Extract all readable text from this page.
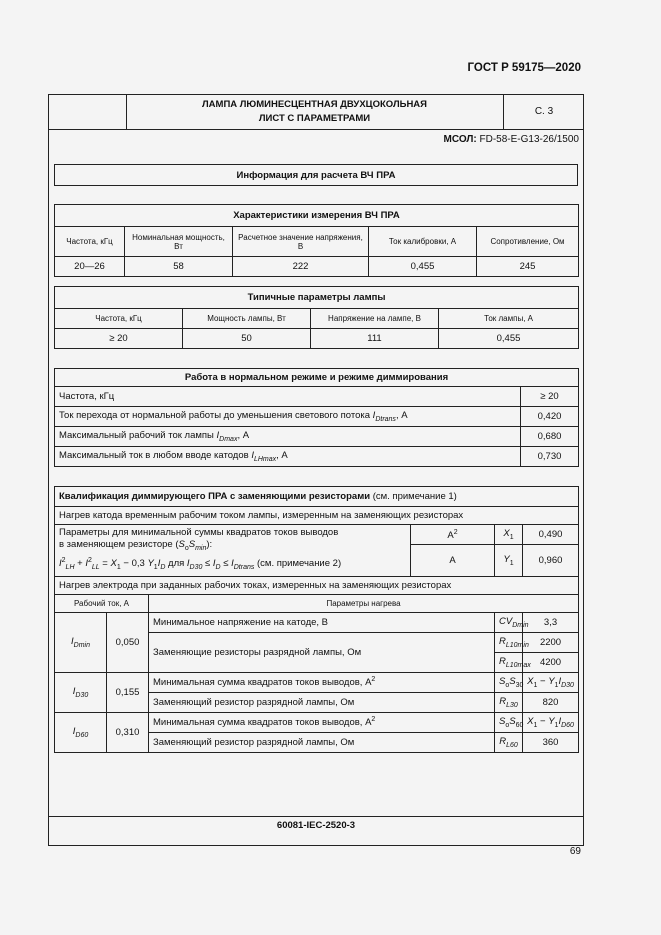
ГОСТ Р 59175—2020
ЛАМПА ЛЮМИНЕСЦЕНТНАЯ ДВУХЦОКОЛЬНАЯ
ЛИСТ С ПАРАМЕТРАМИ
С. 3
МСОЛ: FD-58-E-G13-26/1500
Информация для расчета ВЧ ПРА
Характеристики измерения ВЧ ПРА				
Частота, кГц	Номинальная мощность, Вт	Расчетное значение напряжения, В	Ток калибровки, А	Сопротивление, Ом
20—26	58	222	0,455	245
Типичные параметры лампы			
Частота, кГц	Мощность лампы, Вт	Напряжение на лампе, В	Ток лампы, А
≥ 20	50	111	0,455
Работа в нормальном режиме и режиме диммирования	
Частота, кГц	≥ 20
Ток перехода от нормальной работы до уменьшения светового потока $I_{Dtrans}$, А	0,420
Максимальный рабочий ток лампы $I_{Dmax}$, А	0,680
Максимальный ток в любом вводе катодов $I_{LHmax}$, А	0,730
Квалификация диммирующего ПРА с заменяющими резисторами (см. примечание 1)					
Нагрев катода временным рабочим током лампы, измеренным на заменяющих резисторах					

Параметры для минимальной суммы квадратов токов выводов
в заменяющем резисторе $(S_oS_{min})$:
$I^2_{LH} + I^2_{LL} = X_1 - 0,3$ $Y_1I_D$ для $I_{D30} \le I_D \le I_{Dtrans}$ (см. примечание 2)			$А^2$	$X_1$	0,490
			А	$Y_1$	0,960
Нагрев электрода при заданных рабочих токах, измеренных на заменяющих резисторах					
Рабочий ток, А		Параметры нагрева			
$I_{Dmin}$	0,050	Минимальное напряжение на катоде, В		$CV_{Dmin}$	3,3
		Заменяющие резисторы разрядной лампы, Ом		$R_{L10min}$	2200
				$R_{L10max}$	4200
$I_{D30}$	0,155	Минимальная сумма квадратов токов выводов, $А^2$		$S_oS_{30}$	$X_1 - Y_1I_{D30}$
		Заменяющий резистор разрядной лампы, Ом		$R_{L30}$	820
$I_{D60}$	0,310	Минимальная сумма квадратов токов выводов, $А^2$		$S_oS_{60}$	$X_1 - Y_1I_{D60}$
		Заменяющий резистор разрядной лампы, Ом		$R_{L60}$	360
60081-IEC-2520-3
69
